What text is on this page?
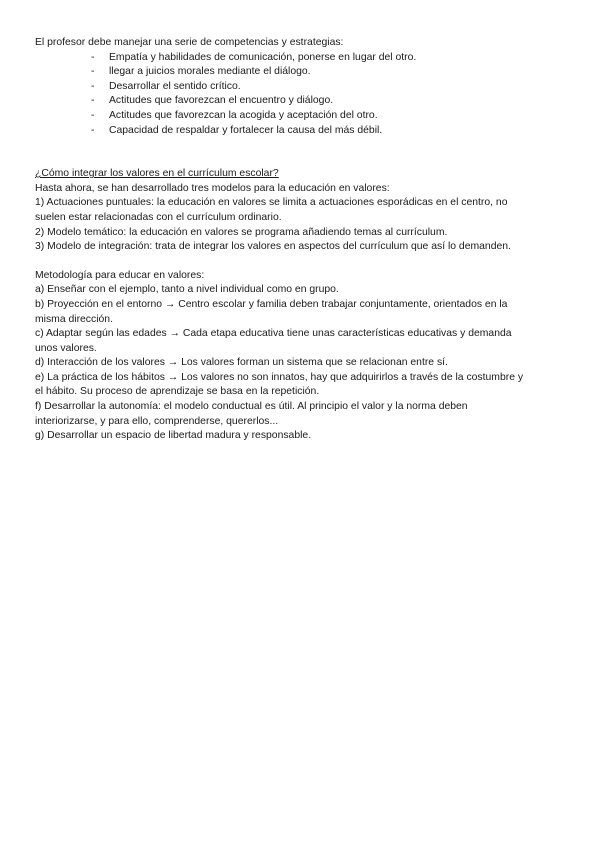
El profesor debe manejar una serie de competencias y estrategias:
- Empatía y habilidades de comunicación, ponerse en lugar del otro.
- llegar a juicios morales mediante el diálogo.
- Desarrollar el sentido crítico.
- Actitudes que favorezcan el encuentro y diálogo.
- Actitudes que favorezcan la acogida y aceptación del otro.
- Capacidad de respaldar y fortalecer la causa del más débil.
¿Cómo integrar los valores en el currículum escolar?
Hasta ahora, se han desarrollado tres modelos para la educación en valores:
1) Actuaciones puntuales: la educación en valores se limita a actuaciones esporádicas en el centro, no
suelen estar relacionadas con el currículum ordinario.
2) Modelo temático: la educación en valores se programa añadiendo temas al currículum.
3) Modelo de integración: trata de integrar los valores en aspectos del currículum que así lo demanden.
Metodología para educar en valores:
a) Enseñar con el ejemplo, tanto a nivel individual como en grupo.
b) Proyección en el entorno → Centro escolar y familia deben trabajar conjuntamente, orientados en la
misma dirección.
c) Adaptar según las edades → Cada etapa educativa tiene unas características educativas y demanda
unos valores.
d) Interacción de los valores → Los valores forman un sistema que se relacionan entre sí.
e) La práctica de los hábitos → Los valores no son innatos, hay que adquirirlos a través de la costumbre y
el hábito. Su proceso de aprendizaje se basa en la repetición.
f) Desarrollar la autonomía: el modelo conductual es útil. Al principio el valor y la norma deben
interiorizarse, y para ello, comprenderse, quererlos...
g) Desarrollar un espacio de libertad madura y responsable.
